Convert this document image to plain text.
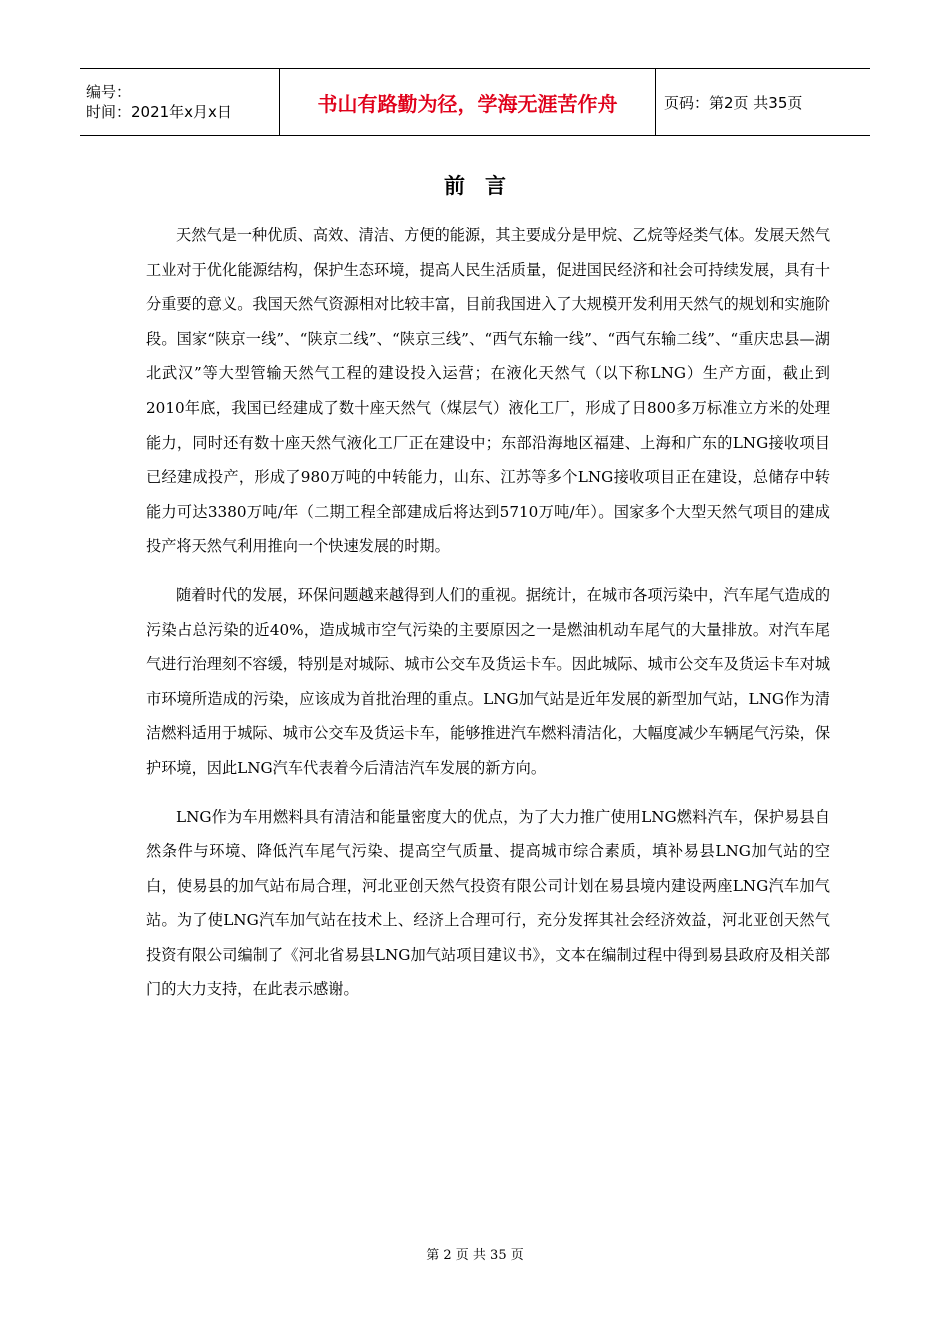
编号：
时间：2021年x月x日	书山有路勤为径，学海无涯苦作舟	页码：第2页 共35页
前言

天然气是一种优质、高效、清洁、方便的能源，其主要成分是甲烷、乙烷等烃类气体。发展天然气工业对于优化能源结构，保护生态环境，提高人民生活质量，促进国民经济和社会可持续发展，具有十分重要的意义。我国天然气资源相对比较丰富，目前我国进入了大规模开发利用天然气的规划和实施阶段。国家“陕京一线”、“陕京二线”、“陕京三线”、“西气东输一线”、“西气东输二线”、“重庆忠县—湖北武汉”等大型管输天然气工程的建设投入运营；在液化天然气（以下称LNG）生产方面，截止到2010年底，我国已经建成了数十座天然气（煤层气）液化工厂，形成了日800多万标准立方米的处理能力，同时还有数十座天然气液化工厂正在建设中；东部沿海地区福建、上海和广东的LNG接收项目已经建成投产，形成了980万吨的中转能力，山东、江苏等多个LNG接收项目正在建设，总储存中转能力可达3380万吨/年（二期工程全部建成后将达到5710万吨/年）。国家多个大型天然气项目的建成投产将天然气利用推向一个快速发展的时期。

随着时代的发展，环保问题越来越得到人们的重视。据统计，在城市各项污染中，汽车尾气造成的污染占总污染的近40%，造成城市空气污染的主要原因之一是燃油机动车尾气的大量排放。对汽车尾气进行治理刻不容缓，特别是对城际、城市公交车及货运卡车。因此城际、城市公交车及货运卡车对城市环境所造成的污染，应该成为首批治理的重点。LNG加气站是近年发展的新型加气站，LNG作为清洁燃料适用于城际、城市公交车及货运卡车，能够推进汽车燃料清洁化，大幅度减少车辆尾气污染，保护环境，因此LNG汽车代表着今后清洁汽车发展的新方向。

LNG作为车用燃料具有清洁和能量密度大的优点，为了大力推广使用LNG燃料汽车，保护易县自然条件与环境、降低汽车尾气污染、提高空气质量、提高城市综合素质，填补易县LNG加气站的空白，使易县的加气站布局合理，河北亚创天然气投资有限公司计划在易县境内建设两座LNG汽车加气站。为了使LNG汽车加气站在技术上、经济上合理可行，充分发挥其社会经济效益，河北亚创天然气投资有限公司编制了《河北省易县LNG加气站项目建议书》，文本在编制过程中得到易县政府及相关部门的大力支持，在此表示感谢。

第 2 页 共 35 页
